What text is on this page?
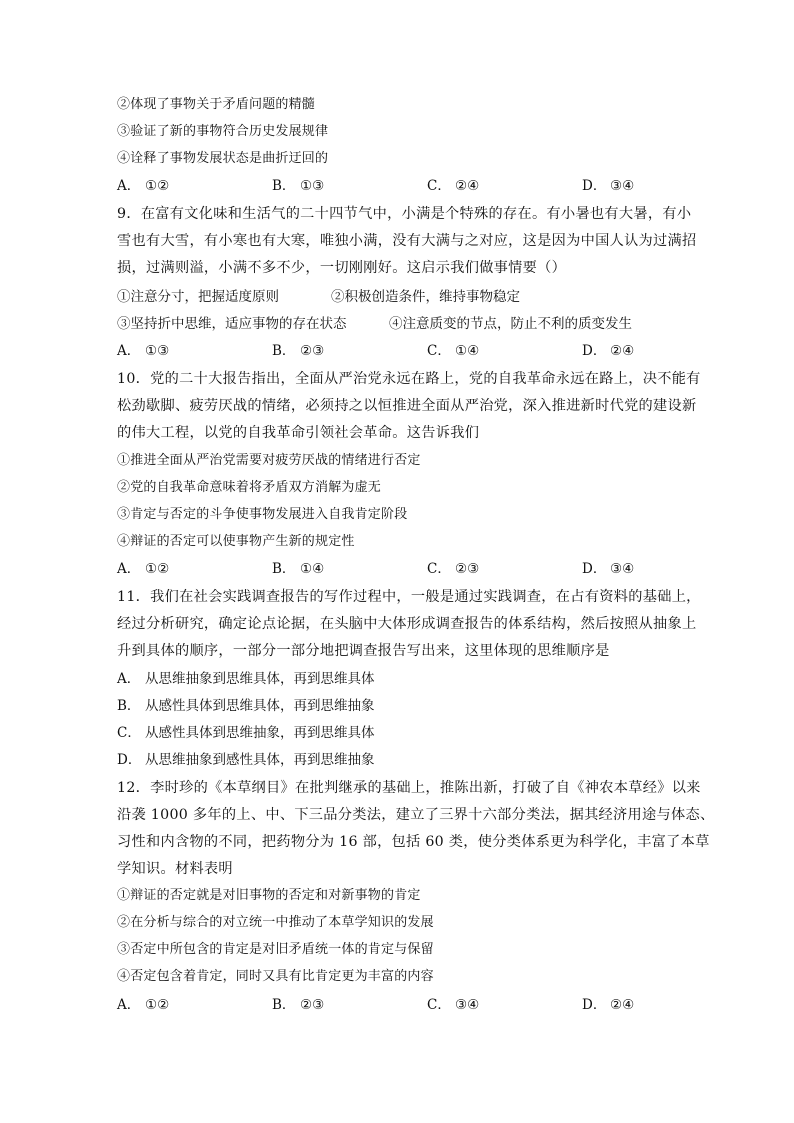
②体现了事物关于矛盾问题的精髓
③验证了新的事物符合历史发展规律
④诠释了事物发展状态是曲折迂回的
A． ①②	B． ①③	C． ②④	D． ③④
9．在富有文化味和生活气的二十四节气中，小满是个特殊的存在。有小暑也有大暑，有小
雪也有大雪，有小寒也有大寒，唯独小满，没有大满与之对应，这是因为中国人认为过满招
损，过满则溢，小满不多不少，一切刚刚好。这启示我们做事情要（）
①注意分寸，把握适度原则	②积极创造条件，维持事物稳定
③坚持折中思维，适应事物的存在状态	④注意质变的节点，防止不利的质变发生
A． ①③	B． ②③	C． ①④	D． ②④
10．党的二十大报告指出，全面从严治党永远在路上，党的自我革命永远在路上，决不能有
松劲歇脚、疲劳厌战的情绪，必须持之以恒推进全面从严治党，深入推进新时代党的建设新
的伟大工程，以党的自我革命引领社会革命。这告诉我们
①推进全面从严治党需要对疲劳厌战的情绪进行否定
②党的自我革命意味着将矛盾双方消解为虚无
③肯定与否定的斗争使事物发展进入自我肯定阶段
④辩证的否定可以使事物产生新的规定性
A． ①②	B． ①④	C． ②③	D． ③④
11．我们在社会实践调查报告的写作过程中，一般是通过实践调查，在占有资料的基础上，
经过分析研究，确定论点论据，在头脑中大体形成调查报告的体系结构，然后按照从抽象上
升到具体的顺序，一部分一部分地把调查报告写出来，这里体现的思维顺序是
A． 从思维抽象到思维具体，再到思维具体
B． 从感性具体到思维具体，再到思维抽象
C． 从感性具体到思维抽象，再到思维具体
D． 从思维抽象到感性具体，再到思维抽象
12．李时珍的《本草纲目》在批判继承的基础上，推陈出新，打破了自《神农本草经》以来
沿袭 1000 多年的上、中、下三品分类法，建立了三界十六部分类法，据其经济用途与体态、
习性和内含物的不同，把药物分为 16 部，包括 60 类，使分类体系更为科学化，丰富了本草
学知识。材料表明
①辩证的否定就是对旧事物的否定和对新事物的肯定
②在分析与综合的对立统一中推动了本草学知识的发展
③否定中所包含的肯定是对旧矛盾统一体的肯定与保留
④否定包含着肯定，同时又具有比肯定更为丰富的内容
A． ①②	B． ②③	C． ③④	D． ②④
